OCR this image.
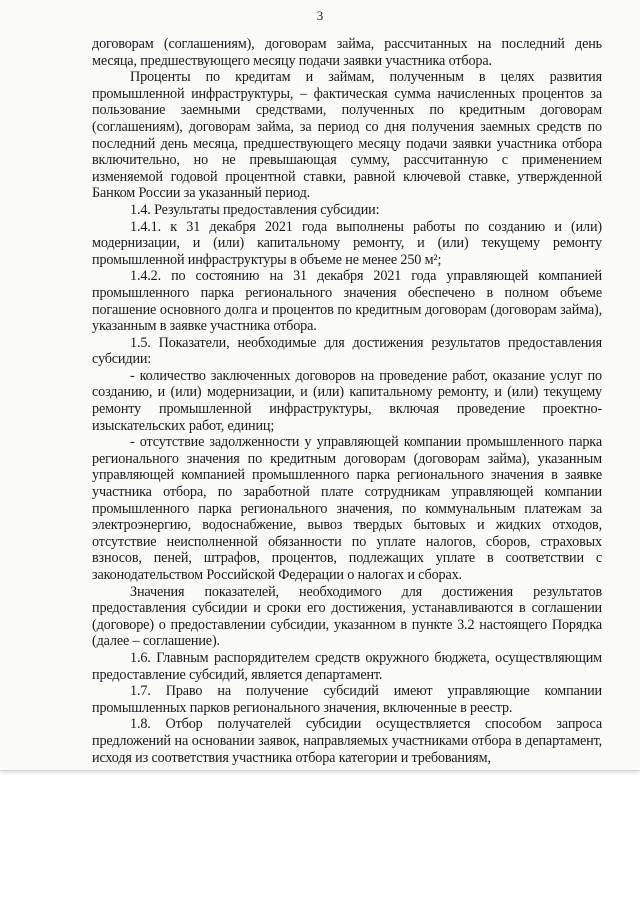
3

договорам (соглашениям), договорам займа, рассчитанных на последний день месяца, предшествующего месяцу подачи заявки участника отбора.

Проценты по кредитам и займам, полученным в целях развития промышленной инфраструктуры, – фактическая сумма начисленных процентов за пользование заемными средствами, полученных по кредитным договорам (соглашениям), договорам займа, за период со дня получения заемных средств по последний день месяца, предшествующего месяцу подачи заявки участника отбора включительно, но не превышающая сумму, рассчитанную с применением изменяемой годовой процентной ставки, равной ключевой ставке, утвержденной Банком России за указанный период.

1.4. Результаты предоставления субсидии:

1.4.1. к 31 декабря 2021 года выполнены работы по созданию и (или) модернизации, и (или) капитальному ремонту, и (или) текущему ремонту промышленной инфраструктуры в объеме не менее 250 м²;

1.4.2. по состоянию на 31 декабря 2021 года управляющей компанией промышленного парка регионального значения обеспечено в полном объеме погашение основного долга и процентов по кредитным договорам (договорам займа), указанным в заявке участника отбора.

1.5. Показатели, необходимые для достижения результатов предоставления субсидии:

- количество заключенных договоров на проведение работ, оказание услуг по созданию, и (или) модернизации, и (или) капитальному ремонту, и (или) текущему ремонту промышленной инфраструктуры, включая проведение проектно-изыскательских работ, единиц;

- отсутствие задолженности у управляющей компании промышленного парка регионального значения по кредитным договорам (договорам займа), указанным управляющей компанией промышленного парка регионального значения в заявке участника отбора, по заработной плате сотрудникам управляющей компании промышленного парка регионального значения, по коммунальным платежам за электроэнергию, водоснабжение, вывоз твердых бытовых и жидких отходов, отсутствие неисполненной обязанности по уплате налогов, сборов, страховых взносов, пеней, штрафов, процентов, подлежащих уплате в соответствии с законодательством Российской Федерации о налогах и сборах.

Значения показателей, необходимого для достижения результатов предоставления субсидии и сроки его достижения, устанавливаются в соглашении (договоре) о предоставлении субсидии, указанном в пункте 3.2 настоящего Порядка (далее – соглашение).

1.6. Главным распорядителем средств окружного бюджета, осуществляющим предоставление субсидий, является департамент.

1.7. Право на получение субсидий имеют управляющие компании промышленных парков регионального значения, включенные в реестр.

1.8. Отбор получателей субсидии осуществляется способом запроса предложений на основании заявок, направляемых участниками отбора в департамент, исходя из соответствия участника отбора категории и требованиям,
